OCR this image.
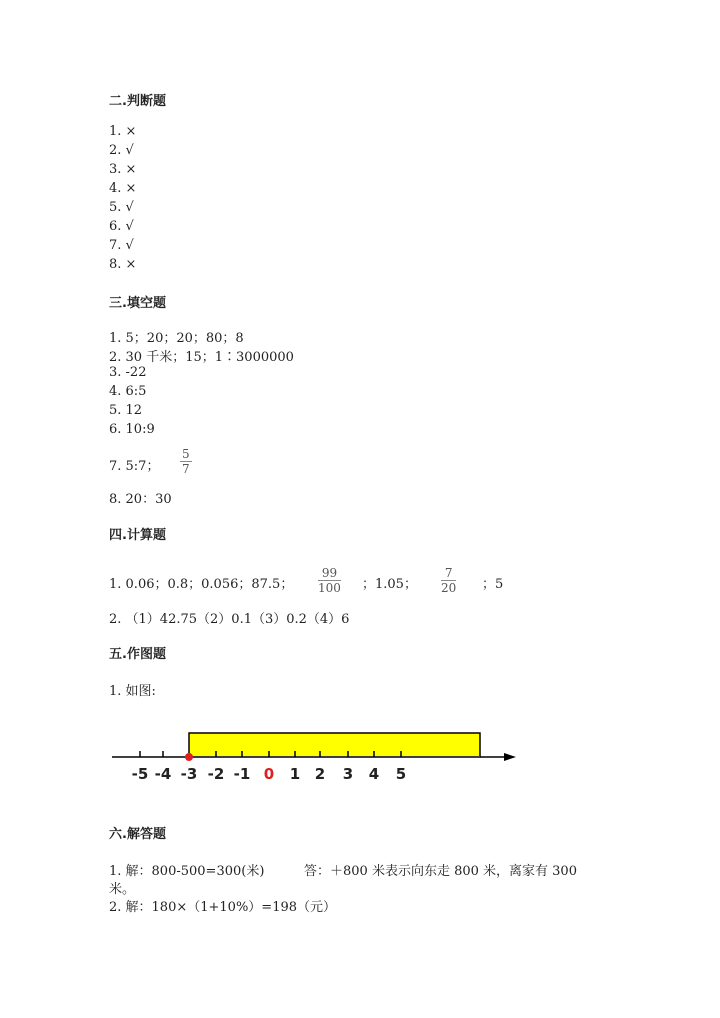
二.判断题
1. ×
2. √
3. ×
4. ×
5. √
6. √
7. √
8. ×
三.填空题
1. 5；20；20；80；8
2. 30 千米；15；1∶3000000
3. -22
4. 6:5
5. 12
6. 10:9
7. 5:7； $\frac{5}{7}$
8. 20：30
四.计算题
1. 0.06；0.8；0.056；87.5； $\frac{99}{100}$ ；1.05； $\frac{7}{20}$ ；5
2. （1）42.75（2）0.1（3）0.2（4）6
五.作图题
1. 如图:
-5 -4 -3 -2 -1 0 1 2 3 4 5
六.解答题
1. 解：800-500=300(米)	答：＋800 米表示向东走 800 米，离家有 300
米。
2. 解：180×（1+10%）=198（元）
